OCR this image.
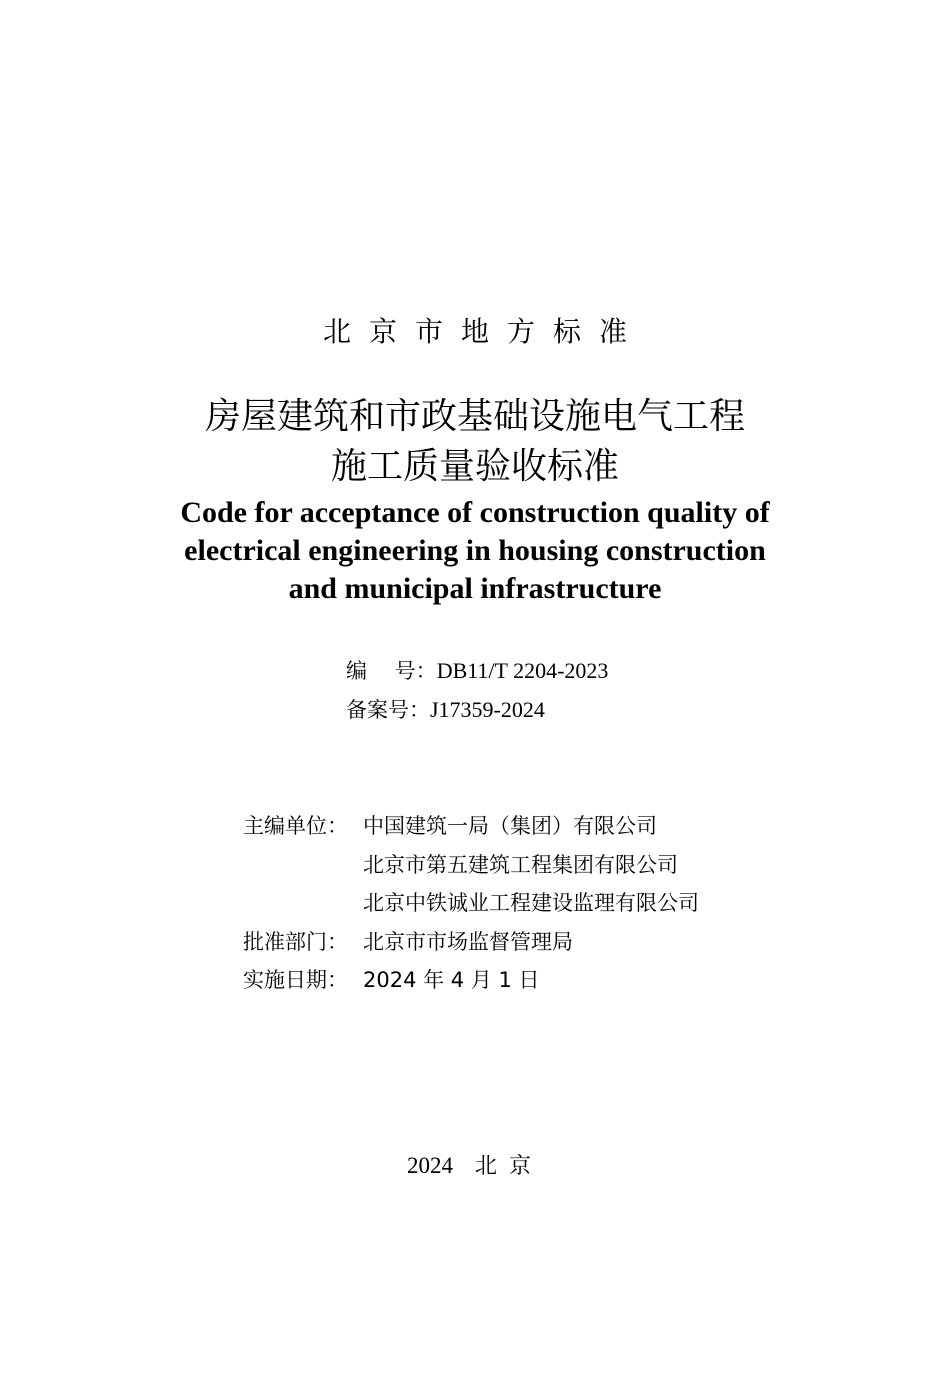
北京市地方标准
房屋建筑和市政基础设施电气工程
施工质量验收标准
Code for acceptance of construction quality of
electrical engineering in housing construction
and municipal infrastructure
编　 号：DB11/T 2204-2023
备案号：J17359-2024
主编单位： 中国建筑一局（集团）有限公司
北京市第五建筑工程集团有限公司
北京中铁诚业工程建设监理有限公司
批准部门： 北京市市场监督管理局
实施日期： 2024 年 4 月 1 日
2024 北京
